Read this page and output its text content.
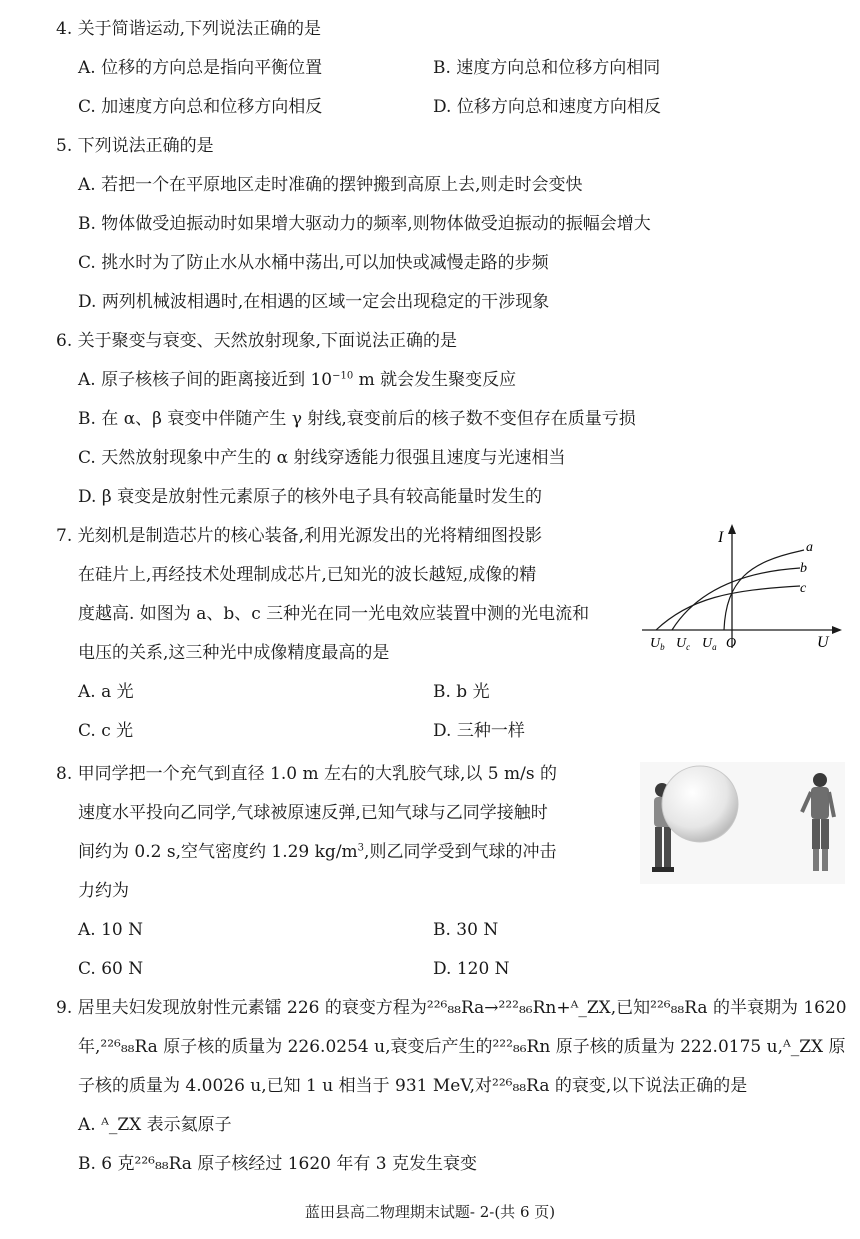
4. 关于简谐运动,下列说法正确的是
A. 位移的方向总是指向平衡位置	B. 速度方向总和位移方向相同
C. 加速度方向总和位移方向相反	D. 位移方向总和速度方向相反
5. 下列说法正确的是
A. 若把一个在平原地区走时准确的摆钟搬到高原上去,则走时会变快
B. 物体做受迫振动时如果增大驱动力的频率,则物体做受迫振动的振幅会增大
C. 挑水时为了防止水从水桶中荡出,可以加快或减慢走路的步频
D. 两列机械波相遇时,在相遇的区域一定会出现稳定的干涉现象
6. 关于聚变与衰变、天然放射现象,下面说法正确的是
A. 原子核核子间的距离接近到 $10^{-10}$ m 就会发生聚变反应
B. 在 α、β 衰变中伴随产生 γ 射线,衰变前后的核子数不变但存在质量亏损
C. 天然放射现象中产生的 α 射线穿透能力很强且速度与光速相当
D. β 衰变是放射性元素原子的核外电子具有较高能量时发生的
7. 光刻机是制造芯片的核心装备,利用光源发出的光将精细图投影
在硅片上,再经技术处理制成芯片,已知光的波长越短,成像的精
度越高. 如图为 a、b、c 三种光在同一光电效应装置中测的光电流和
电压的关系,这三种光中成像精度最高的是
A. a 光	B. b 光
C. c 光	D. 三种一样
I
U
O
a
b
c
$U_b$ $U_c$ $U_a$
8. 甲同学把一个充气到直径 1.0 m 左右的大乳胶气球,以 5 m/s 的
速度水平投向乙同学,气球被原速反弹,已知气球与乙同学接触时
间约为 0.2 s,空气密度约 1.29 $kg/m^3$,则乙同学受到气球的冲击
力约为
A. 10 N	B. 30 N
C. 60 N	D. 120 N
9. 居里夫妇发现放射性元素镭 226 的衰变方程为²²⁶₈₈Ra→²²²₈₆Rn+ᴬ_ZX,已知²²⁶₈₈Ra 的半衰期为 1620
年,²²⁶₈₈Ra 原子核的质量为 226.0254 u,衰变后产生的²²²₈₆Rn 原子核的质量为 222.0175 u,ᴬ_ZX 原
子核的质量为 4.0026 u,已知 1 u 相当于 931 MeV,对²²⁶₈₈Ra 的衰变,以下说法正确的是
A. ᴬ_ZX 表示氦原子
B. 6 克²²⁶₈₈Ra 原子核经过 1620 年有 3 克发生衰变
蓝田县高二物理期末试题- 2-(共 6 页)
